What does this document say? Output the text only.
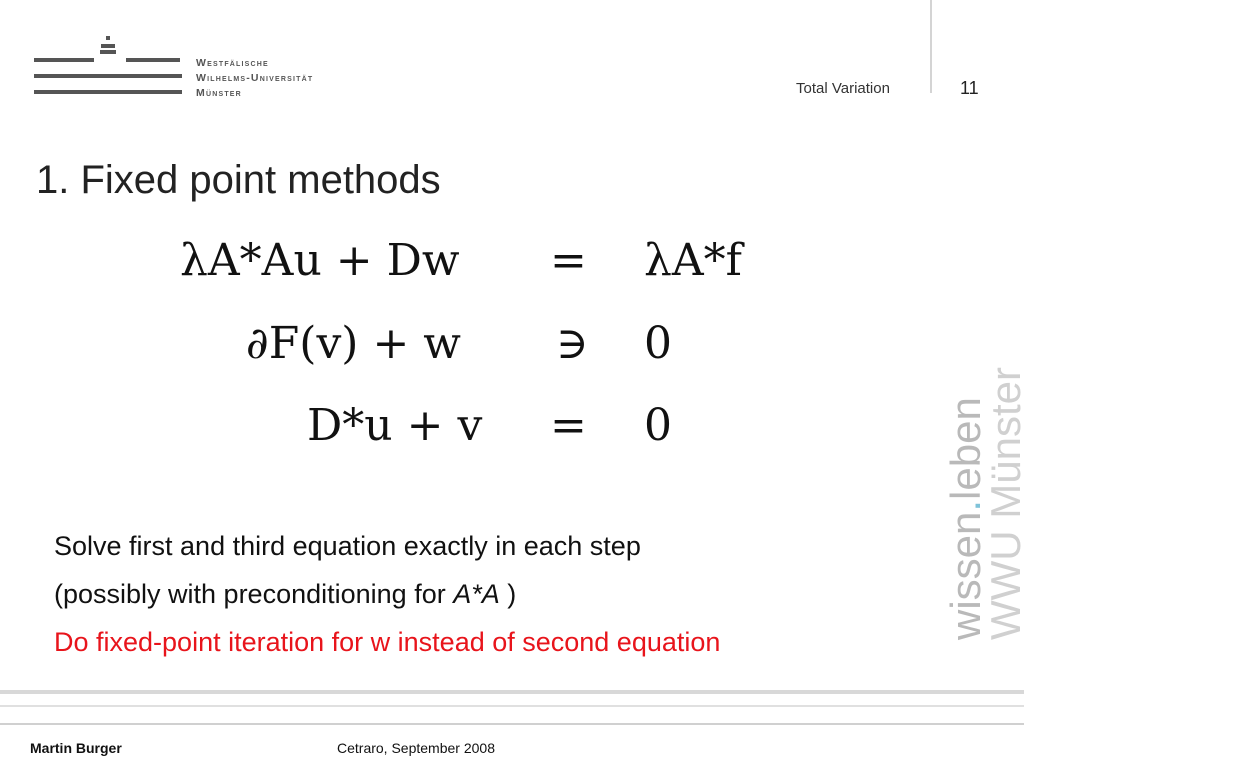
Westfälische
Wilhelms-Universität
Münster	Total Variation	11
1. Fixed point methods
λA*Au + Dw = λA*f
∂F(v) + w ∋ 0
D*u + v = 0
Solve first and third equation exactly in each step
(possibly with preconditioning for A*A )
Do fixed-point iteration for w instead of second equation
wissen.leben
WWU Münster
Martin Burger	Cetraro, September 2008
